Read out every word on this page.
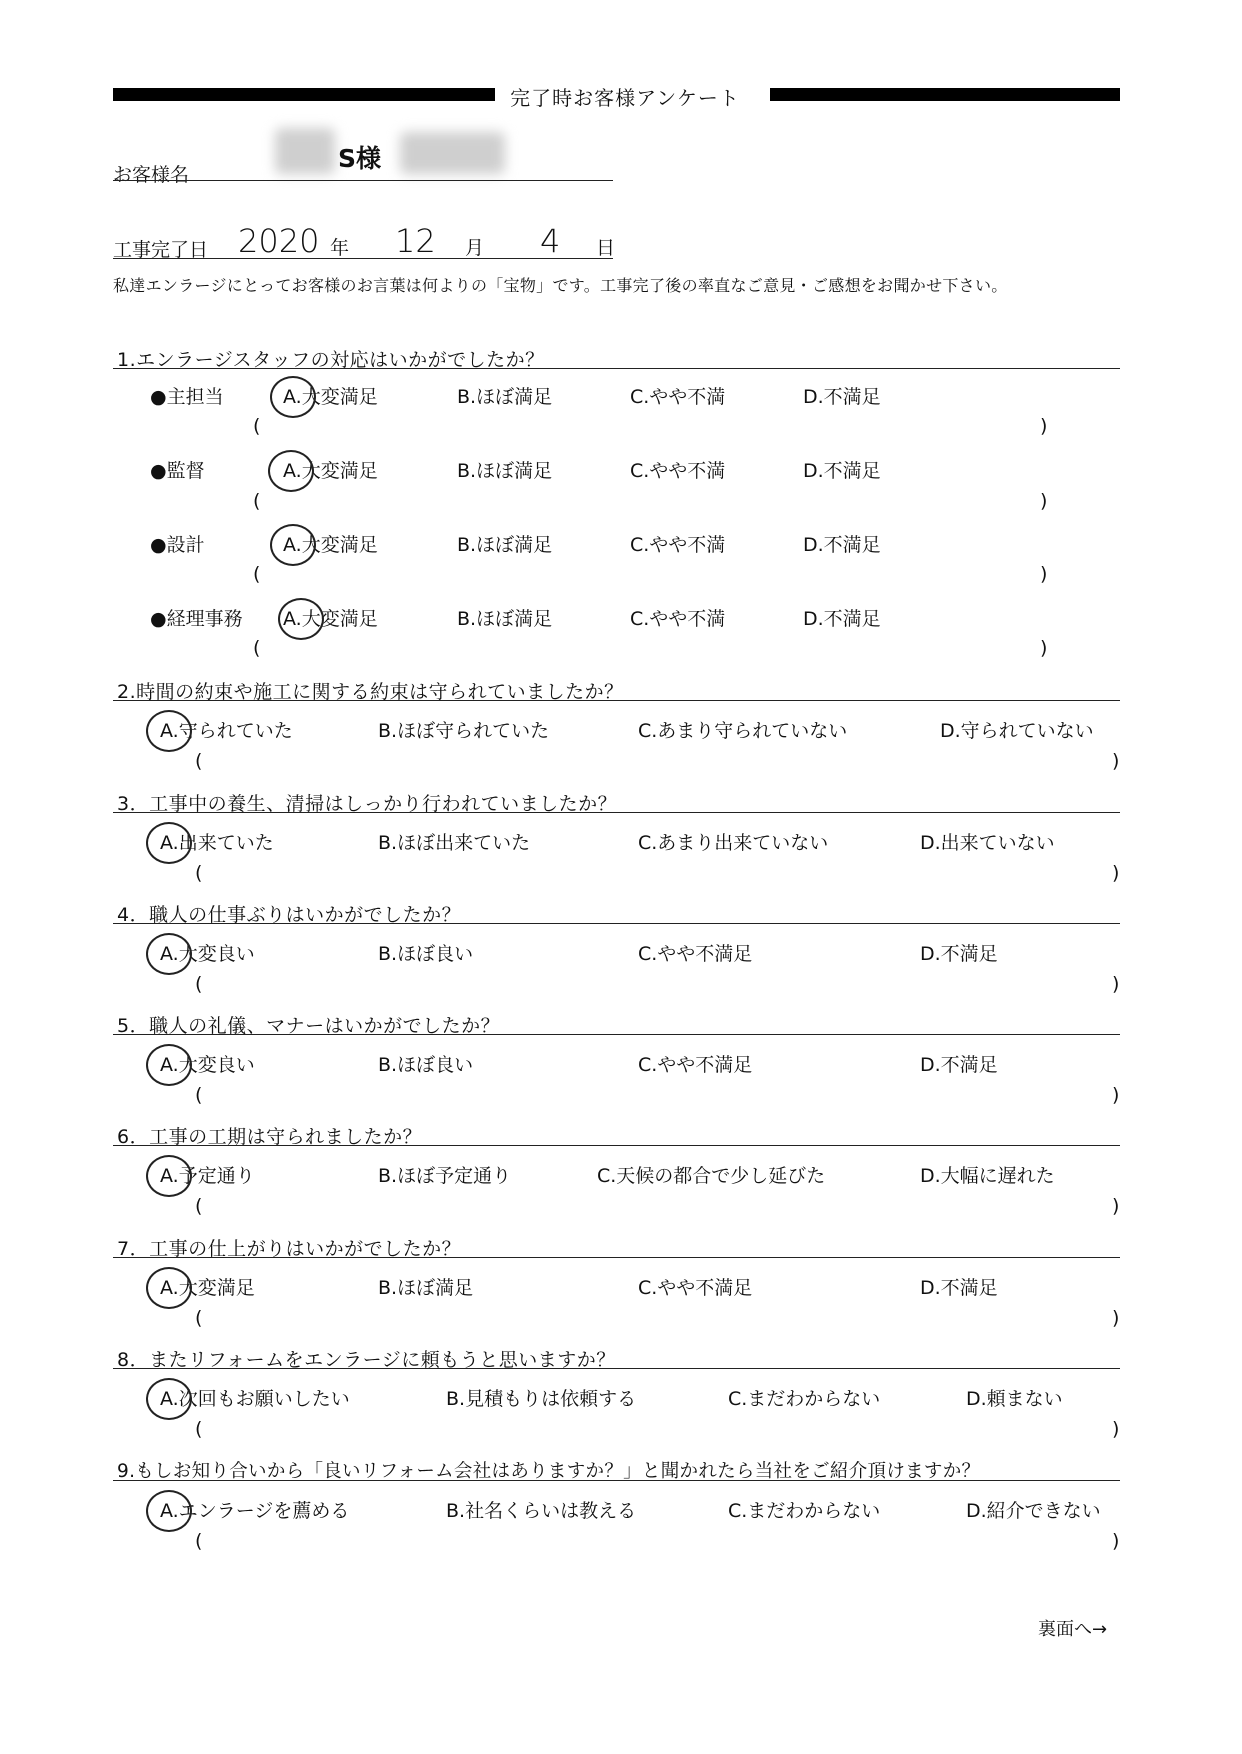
完了時お客様アンケート
お客様名
S様
工事完了日 2020 年 12 月 4 日
私達エンラージにとってお客様のお言葉は何よりの「宝物」です。工事完了後の率直なご意見・ご感想をお聞かせ下さい。
1.エンラージスタッフの対応はいかがでしたか？
●主担当	A.大変満足	B.ほぼ満足	C.やや不満	D.不満足
(	)
●監督	A.大変満足	B.ほぼ満足	C.やや不満	D.不満足
(	)
●設計	A.大変満足	B.ほぼ満足	C.やや不満	D.不満足
(	)
●経理事務 A.大変満足	B.ほぼ満足	C.やや不満	D.不満足
(	)
2.時間の約束や施工に関する約束は守られていましたか？
A.守られていた	B.ほぼ守られていた	C.あまり守られていない	D.守られていない
(	)
3．工事中の養生、清掃はしっかり行われていましたか？
A.出来ていた	B.ほぼ出来ていた	C.あまり出来ていない	D.出来ていない
(	)
4．職人の仕事ぶりはいかがでしたか？
A.大変良い	B.ほぼ良い	C.やや不満足	D.不満足
(	)
5．職人の礼儀、マナーはいかがでしたか？
A.大変良い	B.ほぼ良い	C.やや不満足	D.不満足
(	)
6．工事の工期は守られましたか？
A.予定通り	B.ほぼ予定通り	C.天候の都合で少し延びた	D.大幅に遅れた
(	)
7．工事の仕上がりはいかがでしたか？
A.大変満足	B.ほぼ満足	C.やや不満足	D.不満足
(	)
8．またリフォームをエンラージに頼もうと思いますか？
A.次回もお願いしたい	B.見積もりは依頼する	C.まだわからない	D.頼まない
(	)
9.もしお知り合いから「良いリフォーム会社はありますか？」と聞かれたら当社をご紹介頂けますか？
A.エンラージを薦める	B.社名くらいは教える	C.まだわからない	D.紹介できない
(	)
裏面へ→
